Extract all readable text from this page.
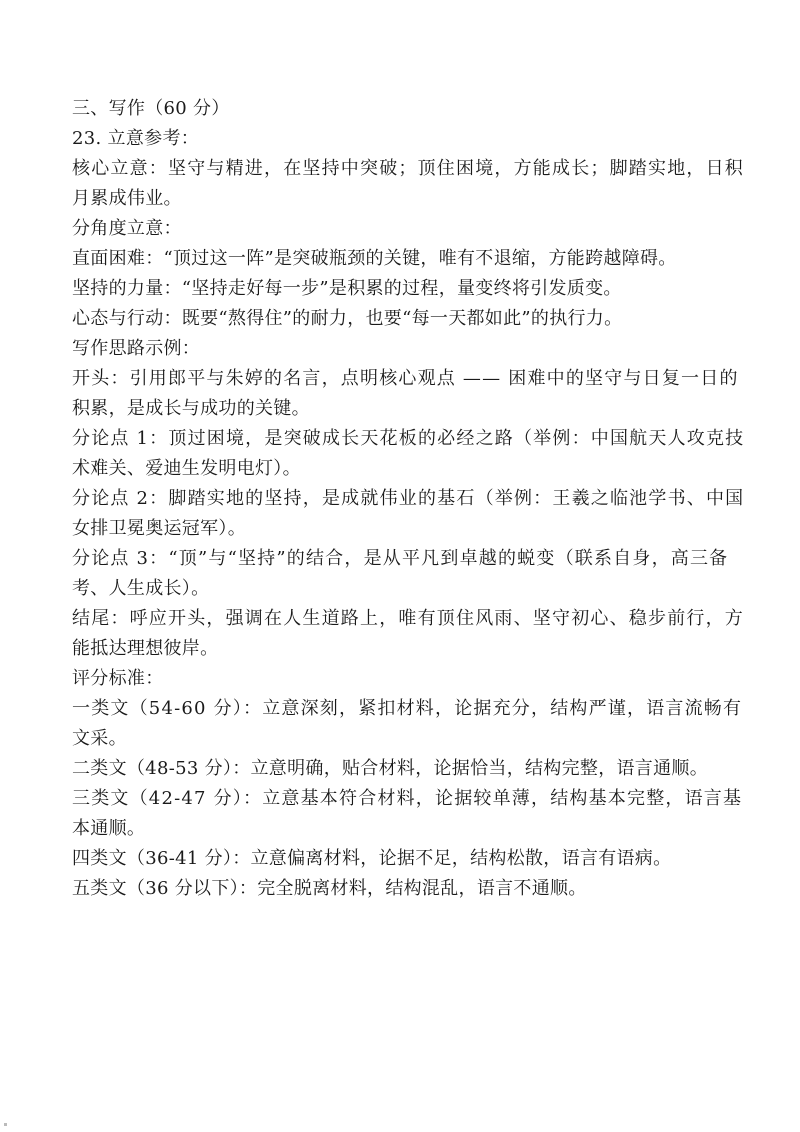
三、写作（60 分）

23. 立意参考：

核心立意：坚守与精进，在坚持中突破；顶住困境，方能成长；脚踏实地，日积

月累成伟业。

分角度立意：

直面困难：“顶过这一阵”是突破瓶颈的关键，唯有不退缩，方能跨越障碍。

坚持的力量：“坚持走好每一步”是积累的过程，量变终将引发质变。

心态与行动：既要“熬得住”的耐力，也要“每一天都如此”的执行力。

写作思路示例：

开头：引用郎平与朱婷的名言，点明核心观点 —— 困难中的坚守与日复一日的

积累，是成长与成功的关键。

分论点 1：顶过困境，是突破成长天花板的必经之路（举例：中国航天人攻克技

术难关、爱迪生发明电灯）。

分论点 2：脚踏实地的坚持，是成就伟业的基石（举例：王羲之临池学书、中国

女排卫冕奥运冠军）。

分论点 3：“顶”与“坚持”的结合，是从平凡到卓越的蜕变（联系自身，高三备

考、人生成长）。

结尾：呼应开头，强调在人生道路上，唯有顶住风雨、坚守初心、稳步前行，方

能抵达理想彼岸。

评分标准：

一类文（54-60 分）：立意深刻，紧扣材料，论据充分，结构严谨，语言流畅有

文采。

二类文（48-53 分）：立意明确，贴合材料，论据恰当，结构完整，语言通顺。

三类文（42-47 分）：立意基本符合材料，论据较单薄，结构基本完整，语言基

本通顺。

四类文（36-41 分）：立意偏离材料，论据不足，结构松散，语言有语病。

五类文（36 分以下）：完全脱离材料，结构混乱，语言不通顺。
